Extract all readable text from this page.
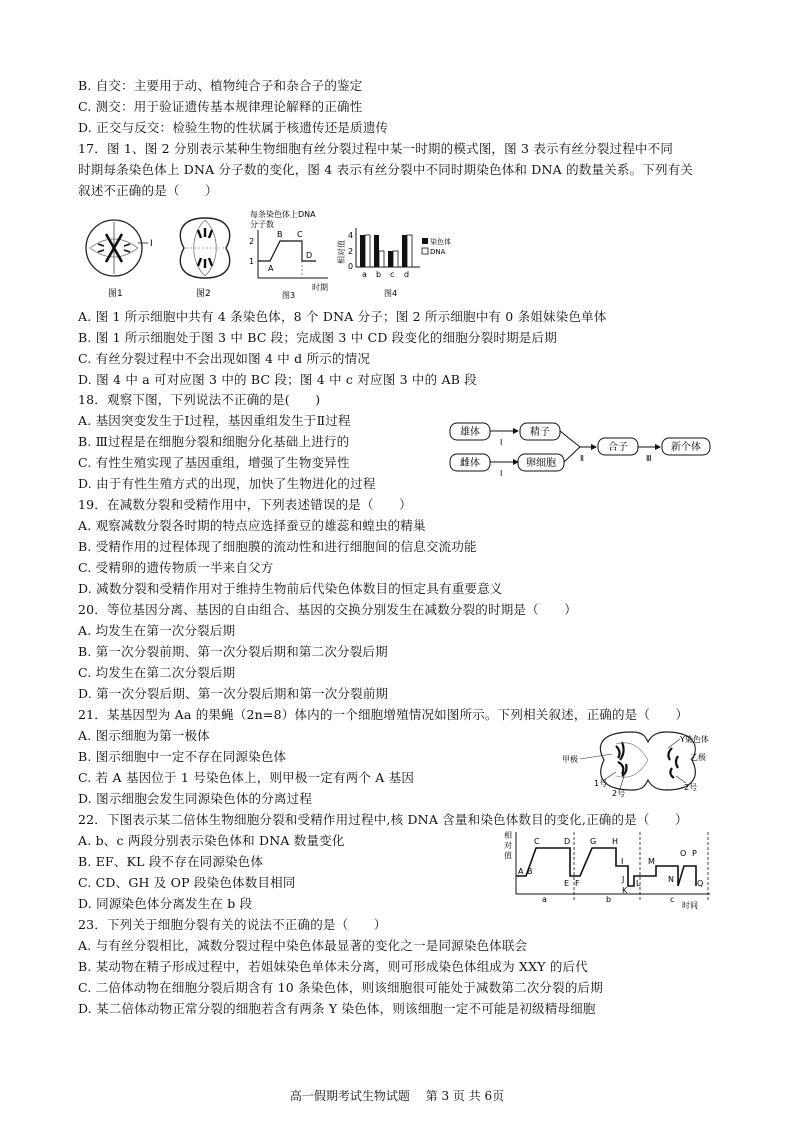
B. 自交：主要用于动、植物纯合子和杂合子的鉴定
C. 测交：用于验证遗传基本规律理论解释的正确性
D. 正交与反交：检验生物的性状属于核遗传还是质遗传
17．图 1、图 2 分别表示某种生物细胞有丝分裂过程中某一时期的模式图，图 3 表示有丝分裂过程中不同
时期每条染色体上 DNA 分子数的变化，图 4 表示有丝分裂中不同时期染色体和 DNA 的数量关系。下列有关
叙述不正确的是（　　）
I
图1	图2
每条染色体上DNA
分子数
2
1
A
B C
D
时期
图3
相对值
4
2
0
a b c d
染色体
DNA
图4
A. 图 1 所示细胞中共有 4 条染色体，8 个 DNA 分子；图 2 所示细胞中有 0 条姐妹染色单体
B. 图 1 所示细胞处于图 3 中 BC 段；完成图 3 中 CD 段变化的细胞分裂时期是后期
C. 有丝分裂过程中不会出现如图 4 中 d 所示的情况
D. 图 4 中 a 可对应图 3 中的 BC 段；图 4 中 c 对应图 3 中的 AB 段
18．观察下图，下列说法不正确的是(　　)
A. 基因突变发生于Ⅰ过程，基因重组发生于Ⅱ过程
B. Ⅲ过程是在细胞分裂和细胞分化基础上进行的
C. 有性生殖实现了基因重组，增强了生物变异性
D. 由于有性生殖方式的出现，加快了生物进化的过程
雄体
雌体
Ⅰ
Ⅰ
精子
卵细胞	Ⅱ
合子
Ⅲ
新个体
19．在减数分裂和受精作用中，下列表述错误的是（　　）
A. 观察减数分裂各时期的特点应选择蚕豆的雄蕊和蝗虫的精巢
B. 受精作用的过程体现了细胞膜的流动性和进行细胞间的信息交流功能
C. 受精卵的遗传物质一半来自父方
D. 减数分裂和受精作用对于维持生物前后代染色体数目的恒定具有重要意义
20．等位基因分离、基因的自由组合、基因的交换分别发生在减数分裂的时期是（　　）
A. 均发生在第一次分裂后期
B. 第一次分裂前期、第一次分裂后期和第二次分裂后期
C. 均发生在第二次分裂后期
D. 第一次分裂后期、第一次分裂后期和第一次分裂前期
21．某基因型为 Aa 的果蝇（2n=8）体内的一个细胞增殖情况如图所示。下列相关叙述，正确的是（　　）
A. 图示细胞为第一极体
B. 图示细胞中一定不存在同源染色体
C. 若 A 基因位于 1 号染色体上，则甲极一定有两个 A 基因
D. 图示细胞会发生同源染色体的分离过程
甲极
Y染色体
乙极
1号
2号
2号
22．下图表示某二倍体生物细胞分裂和受精作用过程中,核 DNA 含量和染色体数目的变化,正确的是（　　）
A. b、c 两段分别表示染色体和 DNA 数量变化
B. EF、KL 段不存在同源染色体
C. CD、GH 及 OP 段染色体数目相同
D. 同源染色体分离发生在 b 段
相
对
值
A B
C	D
E F
G H
I
J
K
L
M
N
O P
Q
a	b	c
时间
23．下列关于细胞分裂有关的说法不正确的是（　　）
A. 与有丝分裂相比，减数分裂过程中染色体最显著的变化之一是同源染色体联会
B. 某动物在精子形成过程中，若姐妹染色单体未分离，则可形成染色体组成为 XXY 的后代
C. 二倍体动物在细胞分裂后期含有 10 条染色体，则该细胞很可能处于减数第二次分裂的后期
D. 某二倍体动物正常分裂的细胞若含有两条 Y 染色体，则该细胞一定不可能是初级精母细胞
高一假期考试生物试题 第 3 页 共 6页
